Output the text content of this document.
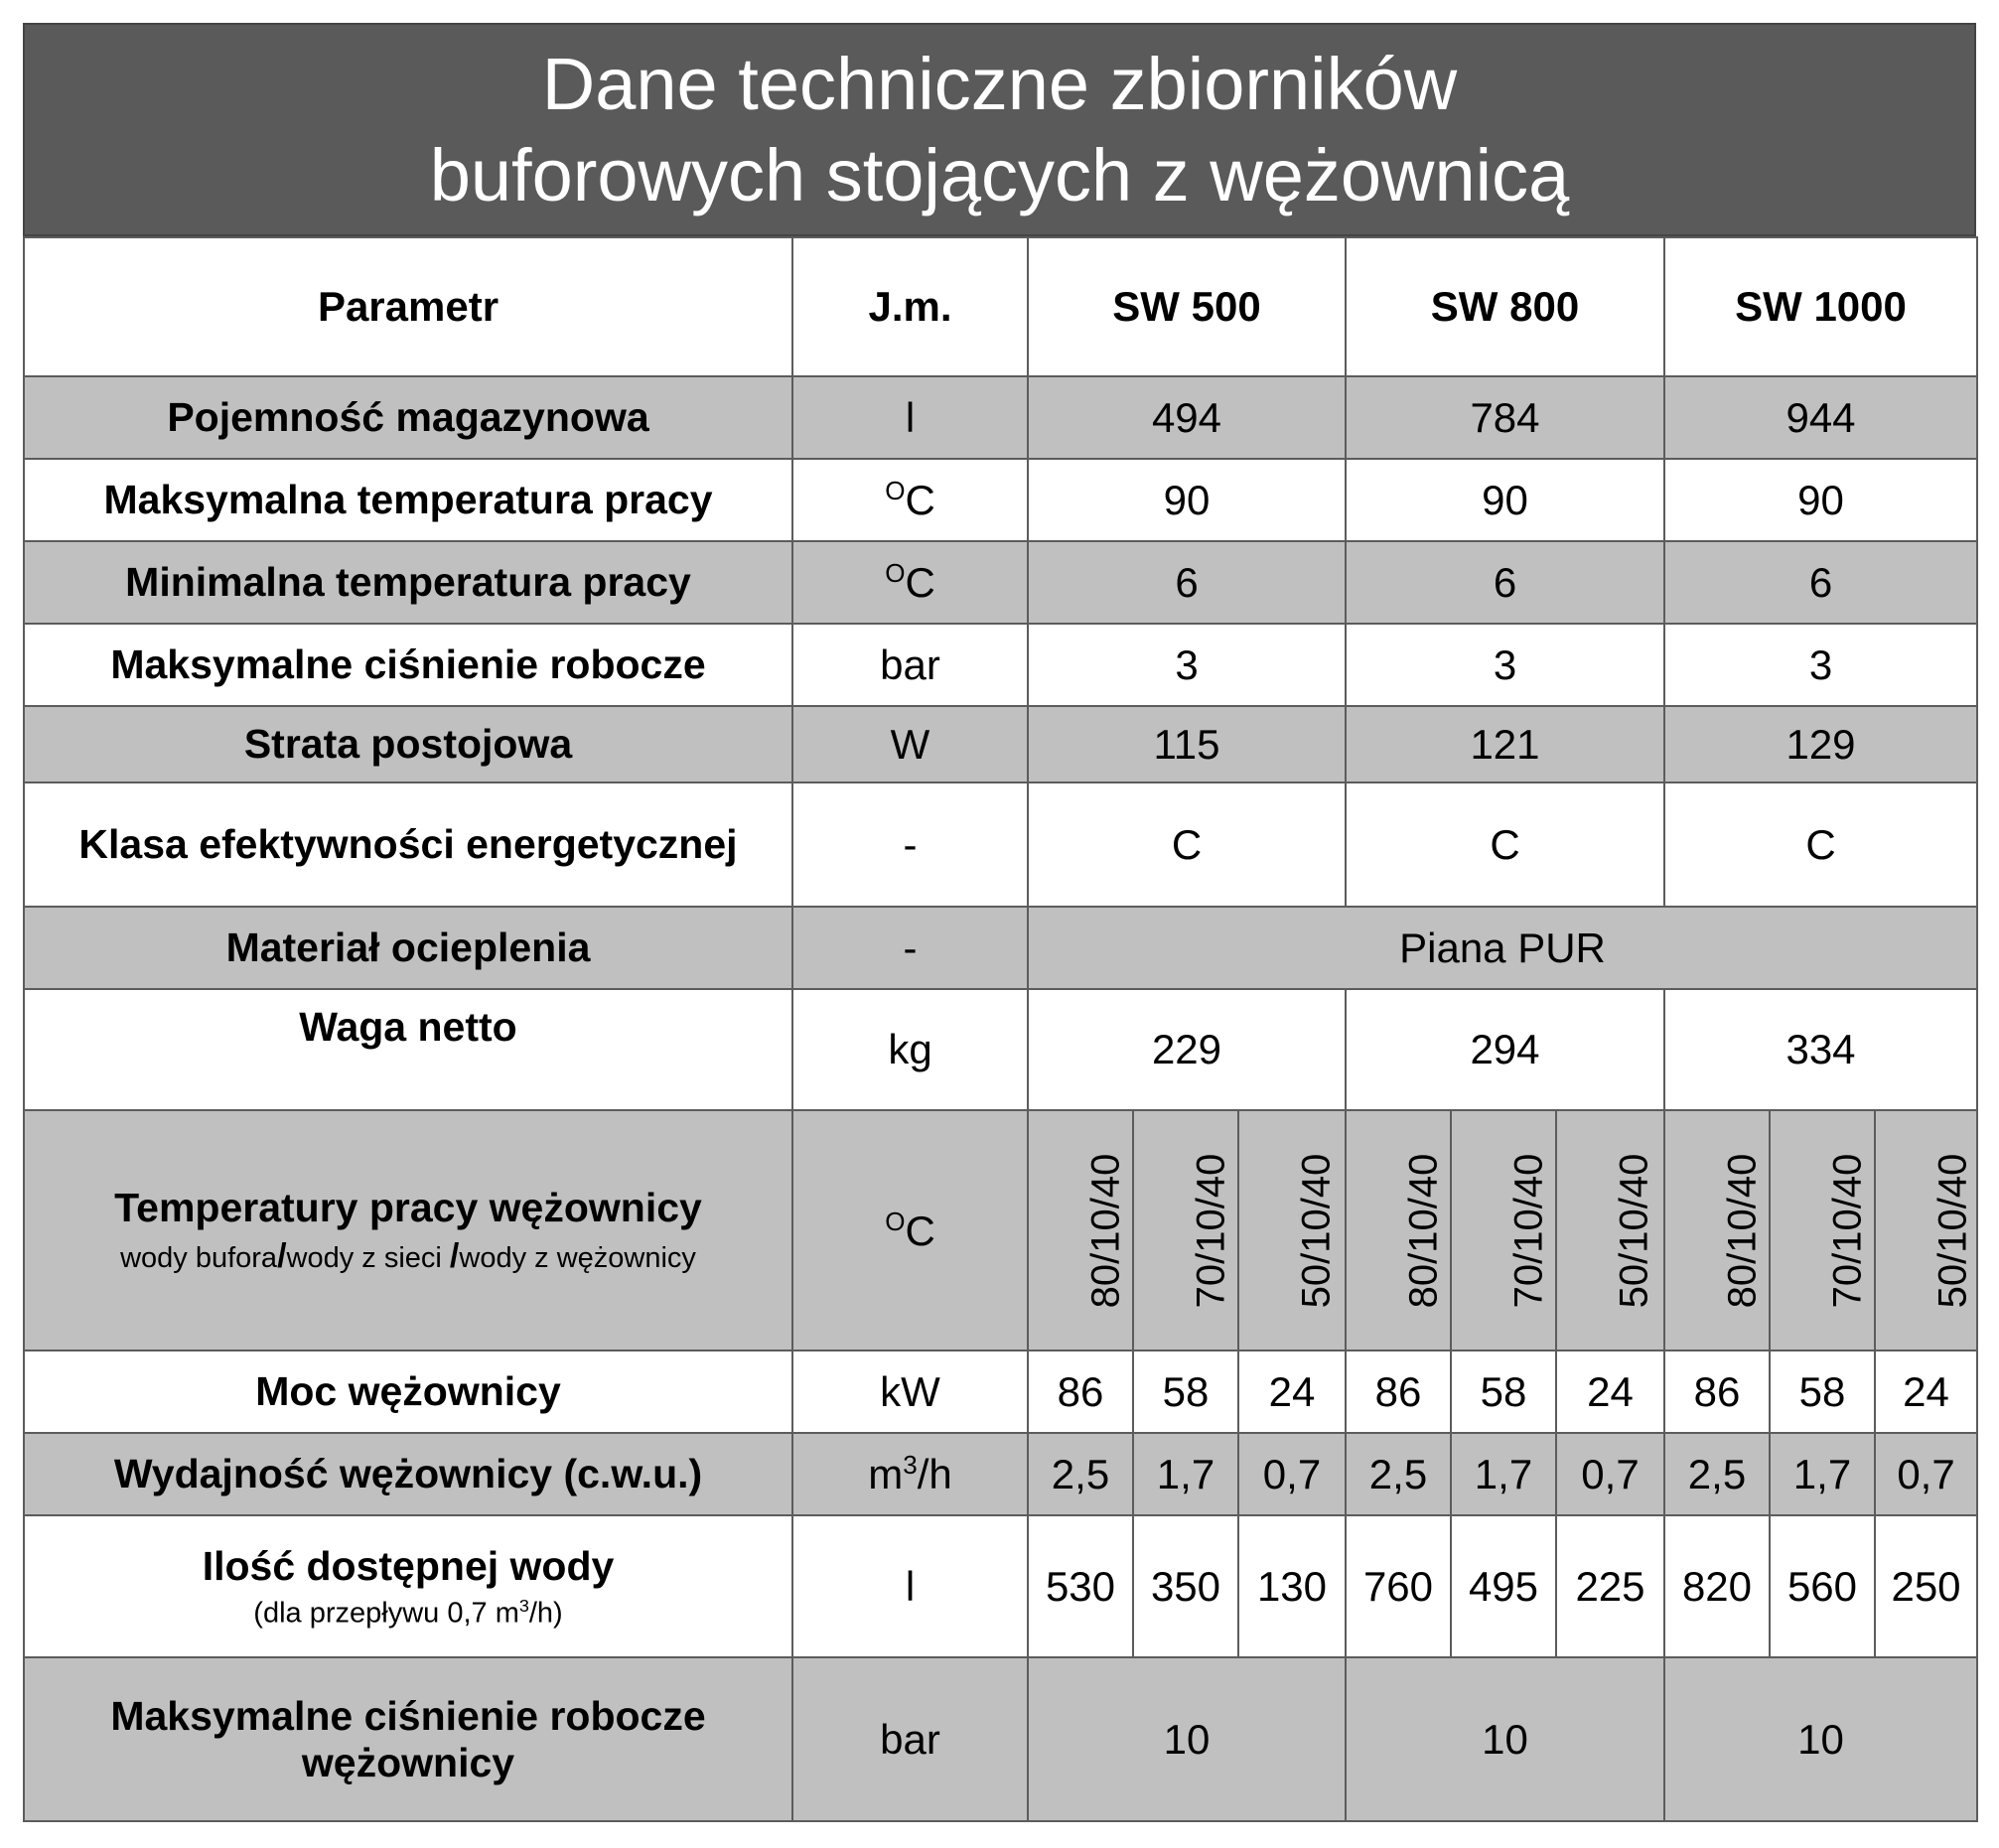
Dane techniczne zbiorników
buforowych stojących z wężownicą
Parametr	J.m.	SW 500			SW 800			SW 1000		
Pojemność magazynowa	l	494			784			944		
Maksymalna temperatura pracy	$^O$C	90			90			90		
Minimalna temperatura pracy	$^O$C	6			6			6		
Maksymalne ciśnienie robocze	bar	3			3			3		
Strata postojowa	W	115			121			129		
Klasa efektywności energetycznej	-	C			C			C		
Materiał ocieplenia	-	Piana PUR								
Waga netto	kg	229			294			334		
Temperatury pracy wężownicy
wody bufora/wody z sieci /wody z wężownicy	$^O$C	80/10/40	70/10/40	50/10/40	80/10/40	70/10/40	50/10/40	80/10/40	70/10/40	50/10/40
Moc wężownicy	kW	86	58	24	86	58	24	86	58	24
Wydajność wężownicy (c.w.u.)	$m^3/h$	2,5	1,7	0,7	2,5	1,7	0,7	2,5	1,7	0,7
Ilość dostępnej wody
(dla przepływu 0,7 $m^3/h$)	l	530	350	130	760	495	225	820	560	250
Maksymalne ciśnienie robocze
wężownicy	bar	10			10			10		
